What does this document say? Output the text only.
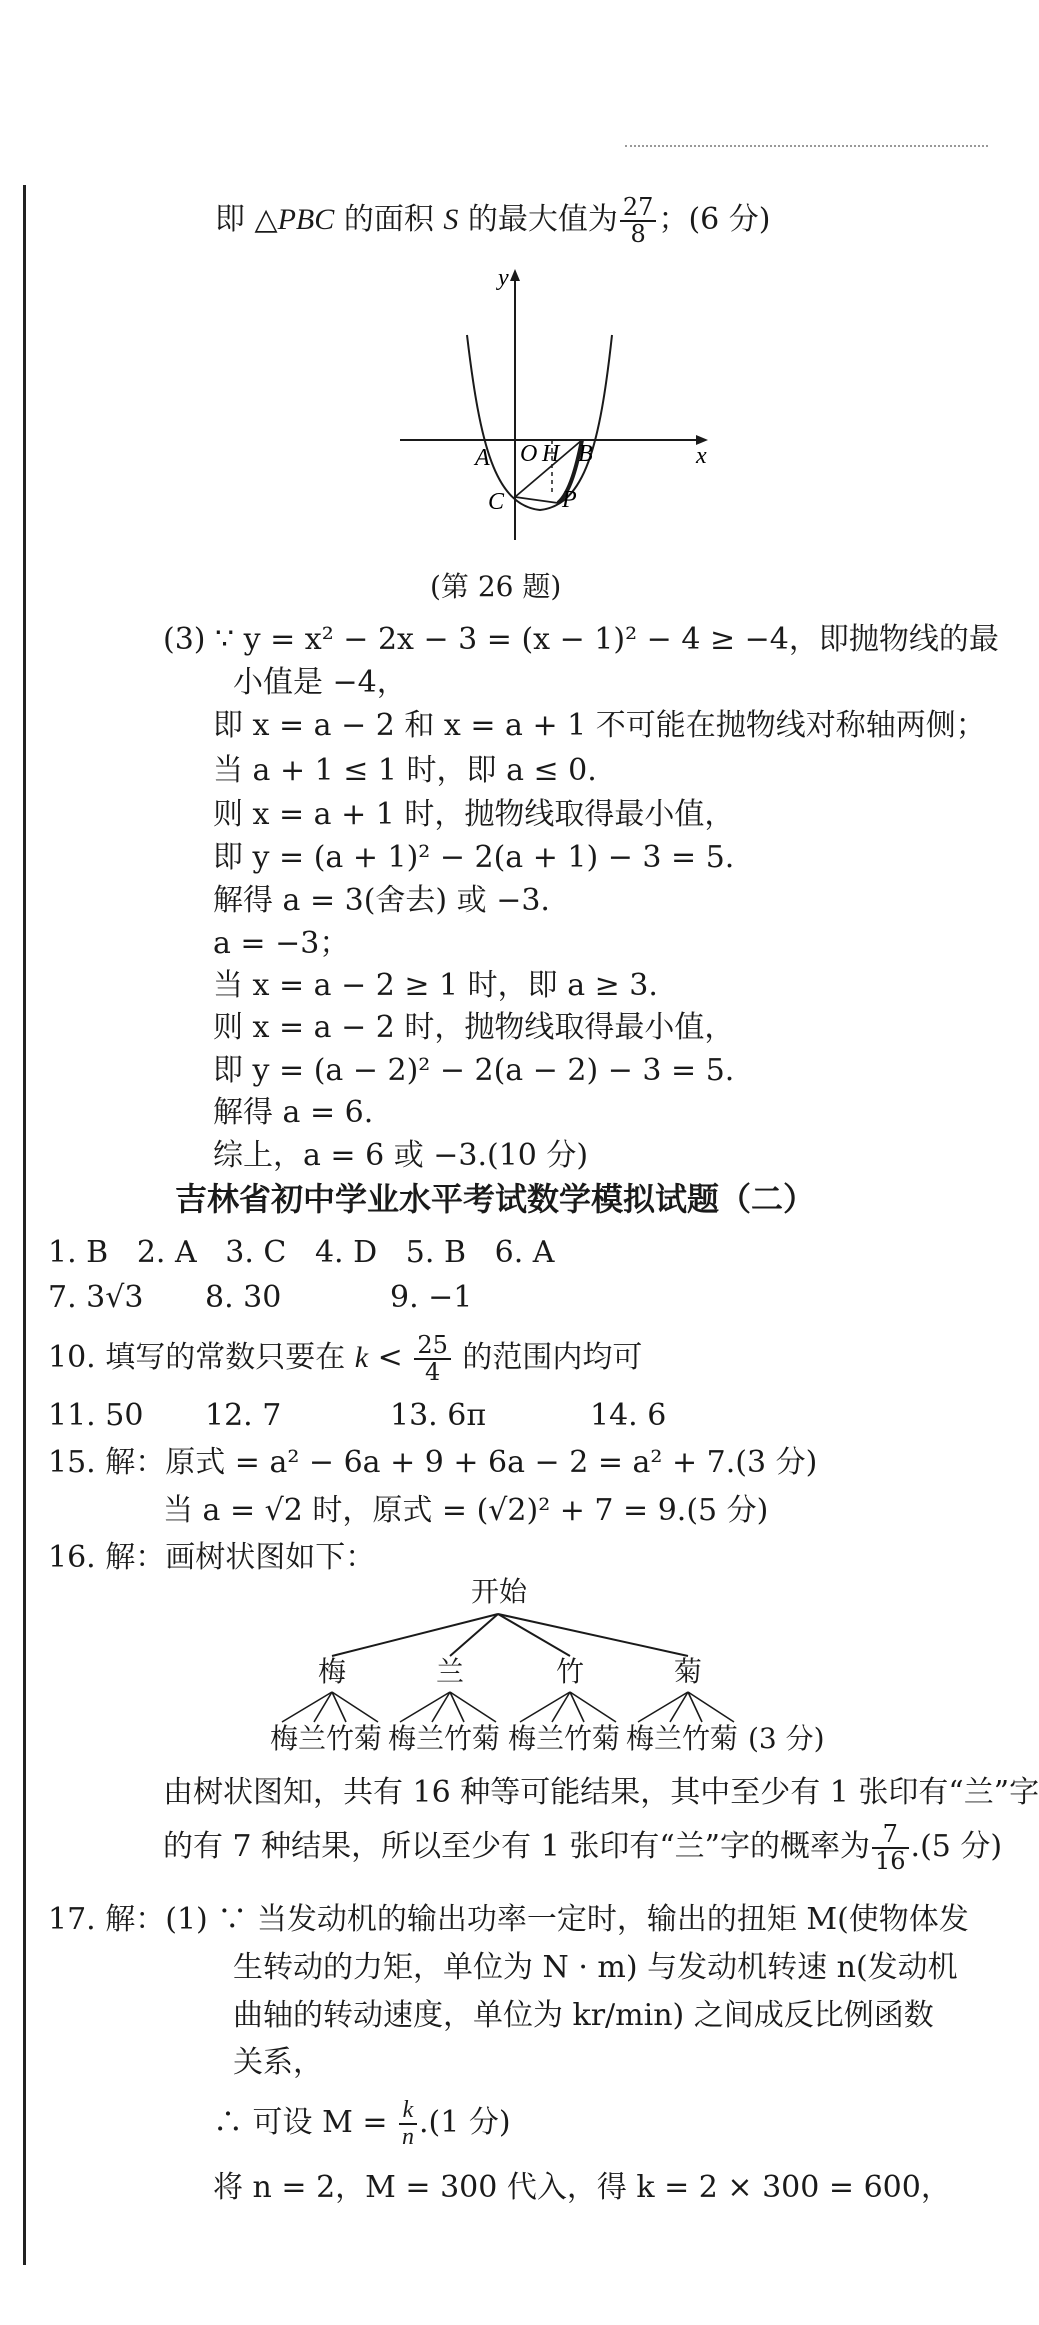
即 △PBC 的面积 S 的最大值为 $\frac{27}{8}$ ；(6 分)
y
x
A O H B
C P
(第 26 题)
(3) ∵ y = x² − 2x − 3 = (x − 1)² − 4 ≥ −4，即抛物线的最
小值是 −4，
即 x = a − 2 和 x = a + 1 不可能在抛物线对称轴两侧；
当 a + 1 ≤ 1 时，即 a ≤ 0.
则 x = a + 1 时，抛物线取得最小值，
即 y = (a + 1)² − 2(a + 1) − 3 = 5.
解得 a = 3(舍去) 或 −3.
a = −3；
当 x = a − 2 ≥ 1 时，即 a ≥ 3.
则 x = a − 2 时，抛物线取得最小值，
即 y = (a − 2)² − 2(a − 2) − 3 = 5.
解得 a = 6.
综上，a = 6 或 −3.(10 分)
吉林省初中学业水平考试数学模拟试题（二）
1. B   2. A   3. C   4. D   5. B   6. A
7. 3√3 8. 30	9. −1
10. 填写的常数只要在 $k < \frac{25}{4}$ 的范围内均可
11. 50 12. 7	13. 6π	14. 6
15. 解：原式 = a² − 6a + 9 + 6a − 2 = a² + 7.(3 分)
当 a = √2 时，原式 = (√2)² + 7 = 9.(5 分)
16. 解：画树状图如下：
开始
梅	兰	竹	菊
梅兰竹菊 梅兰竹菊 梅兰竹菊 梅兰竹菊 (3 分)
由树状图知，共有 16 种等可能结果，其中至少有 1 张印有“兰”字
的有 7 种结果，所以至少有 1 张印有“兰”字的概率为 $\frac{7}{16} .(5$ 分)
17. 解：(1) ∵ 当发动机的输出功率一定时，输出的扭矩 M(使物体发
生转动的力矩，单位为 N · m) 与发动机转速 n(发动机
曲轴的转动速度，单位为 kr/min) 之间成反比例函数
关系，
∴ 可设 $M = \frac{k}{n} .(1$ 分)
将 n = 2，M = 300 代入，得 k = 2 × 300 = 600，
